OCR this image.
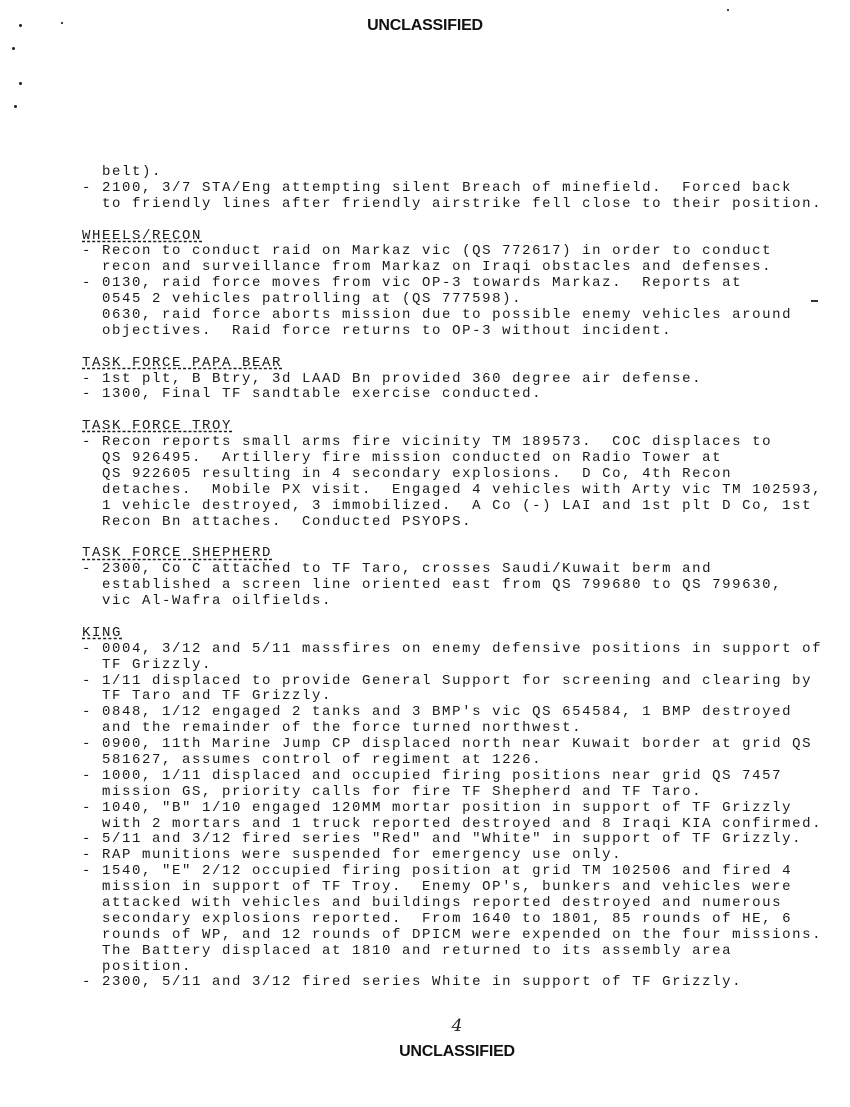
UNCLASSIFIED
belt).
- 2100, 3/7 STA/Eng attempting silent Breach of minefield.  Forced back
to friendly lines after friendly airstrike fell close to their position.
WHEELS/RECON
- Recon to conduct raid on Markaz vic (QS 772617) in order to conduct
recon and surveillance from Markaz on Iraqi obstacles and defenses.
- 0130, raid force moves from vic OP-3 towards Markaz.  Reports at
0545 2 vehicles patrolling at (QS 777598).
0630, raid force aborts mission due to possible enemy vehicles around
objectives.  Raid force returns to OP-3 without incident.
TASK FORCE PAPA BEAR
- 1st plt, B Btry, 3d LAAD Bn provided 360 degree air defense.
- 1300, Final TF sandtable exercise conducted.
TASK FORCE TROY
- Recon reports small arms fire vicinity TM 189573.  COC displaces to
QS 926495.  Artillery fire mission conducted on Radio Tower at
QS 922605 resulting in 4 secondary explosions.  D Co, 4th Recon
detaches.  Mobile PX visit.  Engaged 4 vehicles with Arty vic TM 102593,
1 vehicle destroyed, 3 immobilized.  A Co (-) LAI and 1st plt D Co, 1st
Recon Bn attaches.  Conducted PSYOPS.
TASK FORCE SHEPHERD
- 2300, Co C attached to TF Taro, crosses Saudi/Kuwait berm and
established a screen line oriented east from QS 799680 to QS 799630,
vic Al-Wafra oilfields.
KING
- 0004, 3/12 and 5/11 massfires on enemy defensive positions in support of
TF Grizzly.
- 1/11 displaced to provide General Support for screening and clearing by
TF Taro and TF Grizzly.
- 0848, 1/12 engaged 2 tanks and 3 BMP's vic QS 654584, 1 BMP destroyed
and the remainder of the force turned northwest.
- 0900, 11th Marine Jump CP displaced north near Kuwait border at grid QS
581627, assumes control of regiment at 1226.
- 1000, 1/11 displaced and occupied firing positions near grid QS 7457
mission GS, priority calls for fire TF Shepherd and TF Taro.
- 1040, "B" 1/10 engaged 120MM mortar position in support of TF Grizzly
with 2 mortars and 1 truck reported destroyed and 8 Iraqi KIA confirmed.
- 5/11 and 3/12 fired series "Red" and "White" in support of TF Grizzly.
- RAP munitions were suspended for emergency use only.
- 1540, "E" 2/12 occupied firing position at grid TM 102506 and fired 4
mission in support of TF Troy.  Enemy OP's, bunkers and vehicles were
attacked with vehicles and buildings reported destroyed and numerous
secondary explosions reported.  From 1640 to 1801, 85 rounds of HE, 6
rounds of WP, and 12 rounds of DPICM were expended on the four missions.
The Battery displaced at 1810 and returned to its assembly area
position.
- 2300, 5/11 and 3/12 fired series White in support of TF Grizzly.
4
UNCLASSIFIED
